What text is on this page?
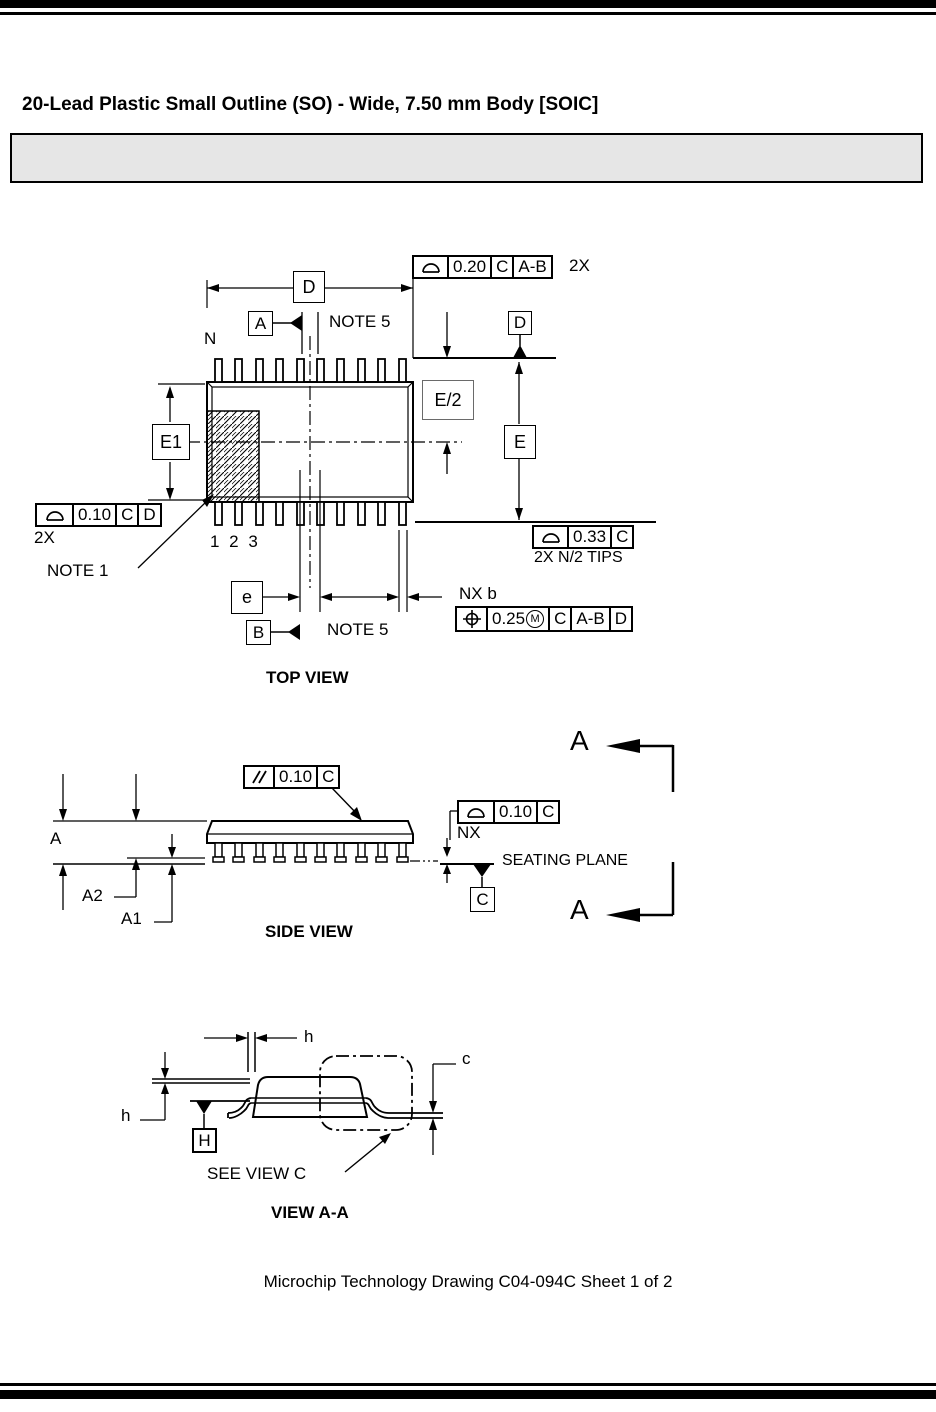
20-Lead Plastic Small Outline (SO) - Wide, 7.50 mm Body [SOIC]
N
NOTE 5
NOTE 5
NOTE 1
1 2 3
TOP VIEW
D
E1
E/2
E
e
A
B
D
0.20 C A-B 2X
0.10 C D
2X	0.33 C
2X N/2 TIPS
NX b
0.25 M C A-B D
A
A2
A1
SIDE VIEW
SEATING PLANE
C
A
A
0.10 C
0.10 C
NX
h
h
c
H
SEE VIEW C
VIEW A-A
Microchip Technology Drawing C04-094C Sheet 1 of 2
